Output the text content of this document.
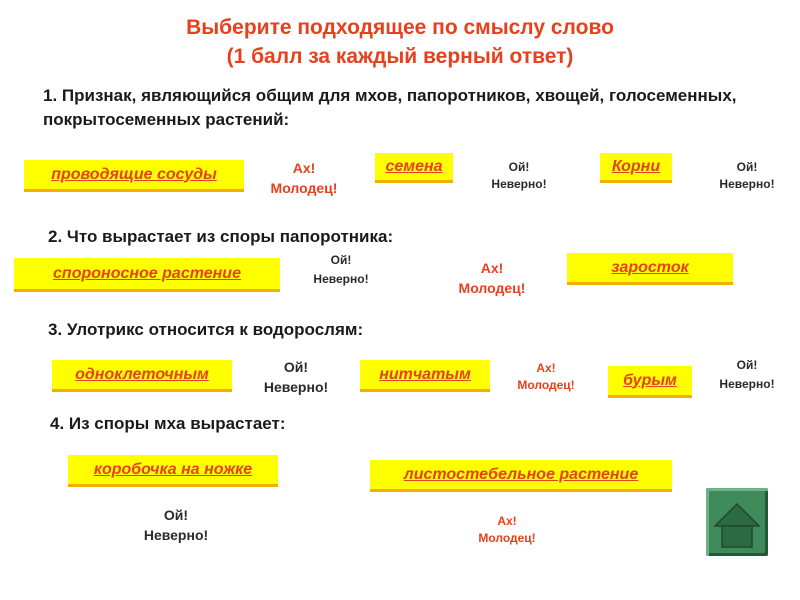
Выберите подходящее по смыслу слово
(1 балл за каждый верный ответ)
1. Признак, являющийся общим для мхов, папоротников, хвощей, голосеменных, покрытосеменных растений:
проводящие сосуды	Ах!
Молодец!
семена	Ой!
Неверно!
Корни	Ой!
Неверно!
2. Что вырастает из споры папоротника:
спороносное растение
Ой!
Неверно!
Ах!
Молодец!
заросток
3. Улотрикс относится к водорослям:
одноклеточным	Ой!
Неверно!
нитчатым	Ах!
Молодец!	бурым
Ой!
Неверно!
4. Из споры мха вырастает:
коробочка на ножке
Ой!
Неверно!
листостебельное растение
Ах!
Молодец!
